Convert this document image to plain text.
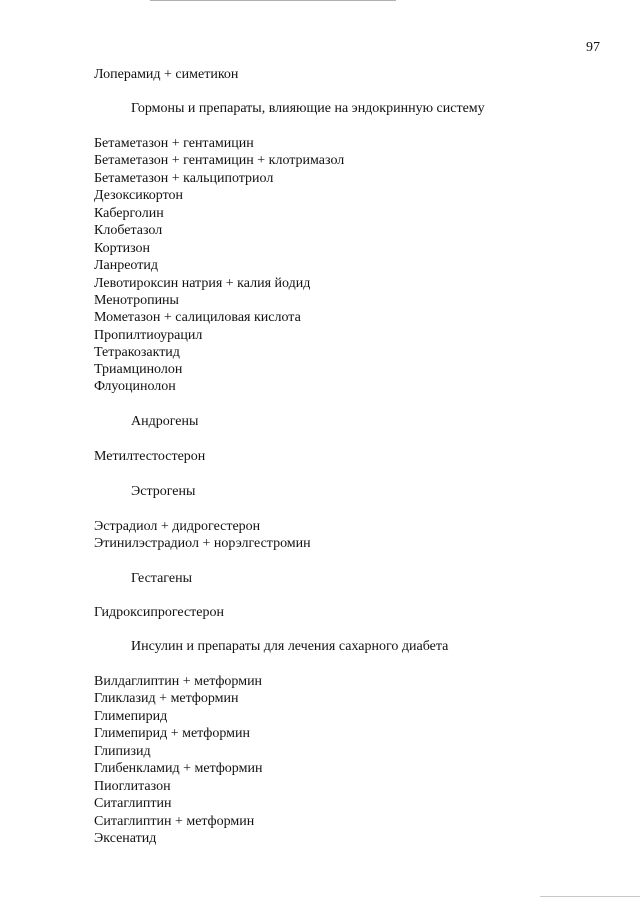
97
Лоперамид + симетикон
Гормоны и препараты, влияющие на эндокринную систему
Бетаметазон + гентамицин
Бетаметазон + гентамицин + клотримазол
Бетаметазон + кальципотриол
Дезоксикортон
Каберголин
Клобетазол
Кортизон
Ланреотид
Левотироксин натрия + калия йодид
Менотропины
Мометазон + салициловая кислота
Пропилтиоурацил
Тетракозактид
Триамцинолон
Флуоцинолон
Андрогены
Метилтестостерон
Эстрогены
Эстрадиол + дидрогестерон
Этинилэстрадиол + норэлгестромин
Гестагены
Гидроксипрогестерон
Инсулин и препараты для лечения сахарного диабета
Вилдаглиптин + метформин
Гликлазид + метформин
Глимепирид
Глимепирид + метформин
Глипизид
Глибенкламид + метформин
Пиоглитазон
Ситаглиптин
Ситаглиптин + метформин
Эксенатид
